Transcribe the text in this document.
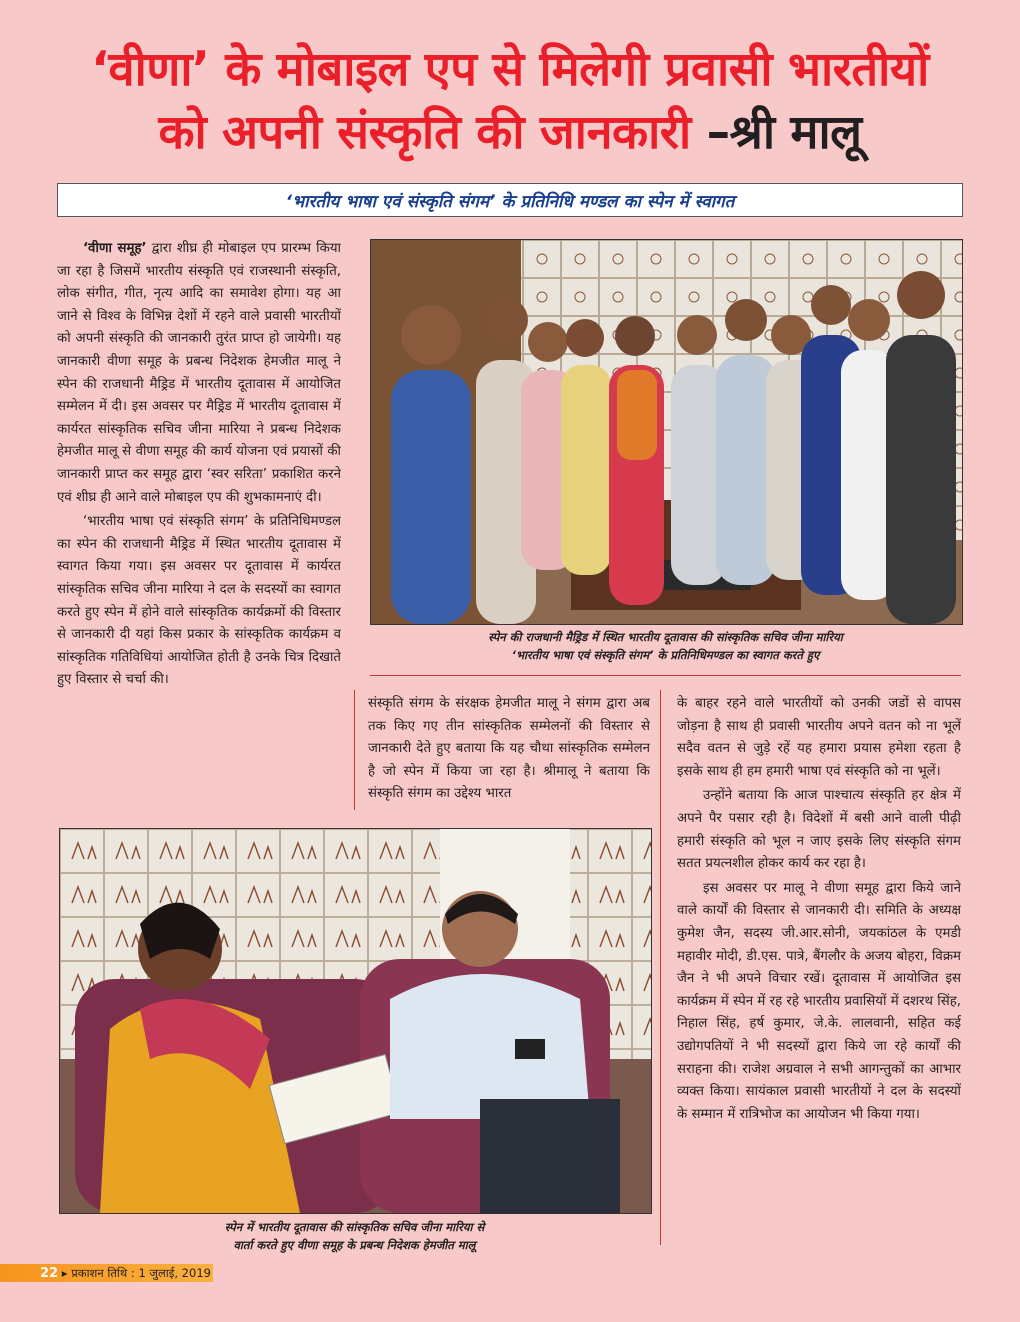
‘वीणा’ के मोबाइल एप से मिलेगी प्रवासी भारतीयों
को अपनी संस्कृति की जानकारी –श्री मालू
‘भारतीय भाषा एवं संस्कृति संगम’ के प्रतिनिधि मण्डल का स्पेन में स्वागत

‘वीणा समूह’ द्वारा शीघ्र ही मोबाइल एप प्रारम्भ किया जा रहा है जिसमें भारतीय संस्कृति एवं राजस्थानी संस्कृति, लोक संगीत, गीत, नृत्य आदि का समावेश होगा। यह आ जाने से विश्व के विभिन्न देशों में रहने वाले प्रवासी भारतीयों को अपनी संस्कृति की जानकारी तुरंत प्राप्त हो जायेगी। यह जानकारी वीणा समूह के प्रबन्ध निदेशक हेमजीत मालू ने स्पेन की राजधानी मैड्रिड में भारतीय दूतावास में आयोजित सम्मेलन में दी। इस अवसर पर मैड्रिड में भारतीय दूतावास में कार्यरत सांस्कृतिक सचिव जीना मारिया ने प्रबन्ध निदेशक हेमजीत मालू से वीणा समूह की कार्य योजना एवं प्रयासों की जानकारी प्राप्त कर समूह द्वारा ‘स्वर सरिता’ प्रकाशित करने एवं शीघ्र ही आने वाले मोबाइल एप की शुभकामनाएं दी।

‘भारतीय भाषा एवं संस्कृति संगम’ के प्रतिनिधिमण्डल का स्पेन की राजधानी मैड्रिड में स्थित भारतीय दूतावास में स्वागत किया गया। इस अवसर पर दूतावास में कार्यरत सांस्कृतिक सचिव जीना मारिया ने दल के सदस्यों का स्वागत करते हुए स्पेन में होने वाले सांस्कृतिक कार्यक्रमों की विस्तार से जानकारी दी यहां किस प्रकार के सांस्कृतिक कार्यक्रम व सांस्कृतिक गतिविधियां आयोजित होती है उनके चित्र दिखाते हुए विस्तार से चर्चा की।

स्पेन की राजधानी मैड्रिड में स्थित भारतीय दूतावास की सांस्कृतिक सचिव जीना मारिया
‘भारतीय भाषा एवं संस्कृति संगम’ के प्रतिनिधिमण्डल का स्वागत करते हुए

संस्कृति संगम के संरक्षक हेमजीत मालू ने संगम द्वारा अब तक किए गए तीन सांस्कृतिक सम्मेलनों की विस्तार से जानकारी देते हुए बताया कि यह चौथा सांस्कृतिक सम्मेलन है जो स्पेन में किया जा रहा है। श्रीमालू ने बताया कि संस्कृति संगम का उद्देश्य भारत

के बाहर रहने वाले भारतीयों को उनकी जडों से वापस जोड़ना है साथ ही प्रवासी भारतीय अपने वतन को ना भूलें सदैव वतन से जुड़े रहें यह हमारा प्रयास हमेशा रहता है इसके साथ ही हम हमारी भाषा एवं संस्कृति को ना भूलें।

उन्होंने बताया कि आज पाश्चात्य संस्कृति हर क्षेत्र में अपने पैर पसार रही है। विदेशों में बसी आने वाली पीढ़ी हमारी संस्कृति को भूल न जाए इसके लिए संस्कृति संगम सतत प्रयत्नशील होकर कार्य कर रहा है।

इस अवसर पर मालू ने वीणा समूह द्वारा किये जाने वाले कार्यों की विस्तार से जानकारी दी। समिति के अध्यक्ष कुमेश जैन, सदस्य जी.आर.सोनी, जयकांठल के एमडी महावीर मोदी, डी.एस. पात्रे, बैंगलौर के अजय बोहरा, विक्रम जैन ने भी अपने विचार रखें। दूतावास में आयोजित इस कार्यक्रम में स्पेन में रह रहे भारतीय प्रवासियों में दशरथ सिंह, निहाल सिंह, हर्ष कुमार, जे.के. लालवानी, सहित कई उद्योगपतियों ने भी सदस्यों द्वारा किये जा रहे कार्यों की सराहना की। राजेश अग्रवाल ने सभी आगन्तुकों का आभार व्यक्त किया। सायंकाल प्रवासी भारतीयों ने दल के सदस्यों के सम्मान में रात्रिभोज का आयोजन भी किया गया।

स्पेन में भारतीय दूतावास की सांस्कृतिक सचिव जीना मारिया से
वार्ता करते हुए वीणा समूह के प्रबन्ध निदेशक हेमजीत मालू
22 ▸ प्रकाशन तिथि : 1 जुलाई, 2019
